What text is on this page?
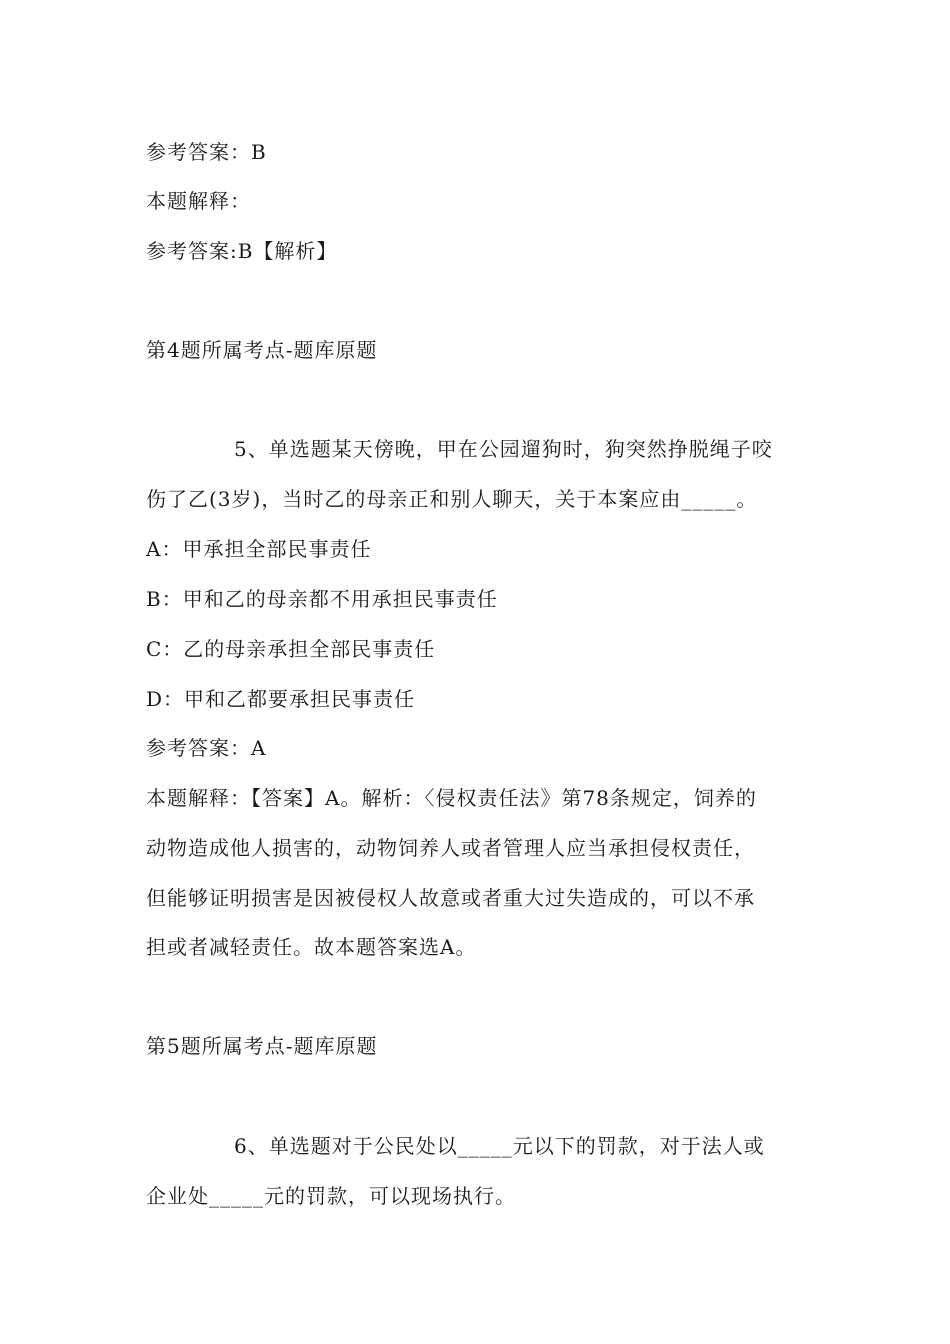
参考答案：B
本题解释：
参考答案:B【解析】
第4题所属考点-题库原题
5、单选题某天傍晚，甲在公园遛狗时，狗突然挣脱绳子咬
伤了乙(3岁)，当时乙的母亲正和别人聊天，关于本案应由_____。
A：甲承担全部民事责任
B：甲和乙的母亲都不用承担民事责任
C：乙的母亲承担全部民事责任
D：甲和乙都要承担民事责任
参考答案：A
本题解释：【答案】A。解析：〈侵权责任法》第78条规定，饲养的
动物造成他人损害的，动物饲养人或者管理人应当承担侵权责任，
但能够证明损害是因被侵权人故意或者重大过失造成的，可以不承
担或者减轻责任。故本题答案选A。
第5题所属考点-题库原题
6、单选题对于公民处以_____元以下的罚款，对于法人或
企业处_____元的罚款，可以现场执行。
